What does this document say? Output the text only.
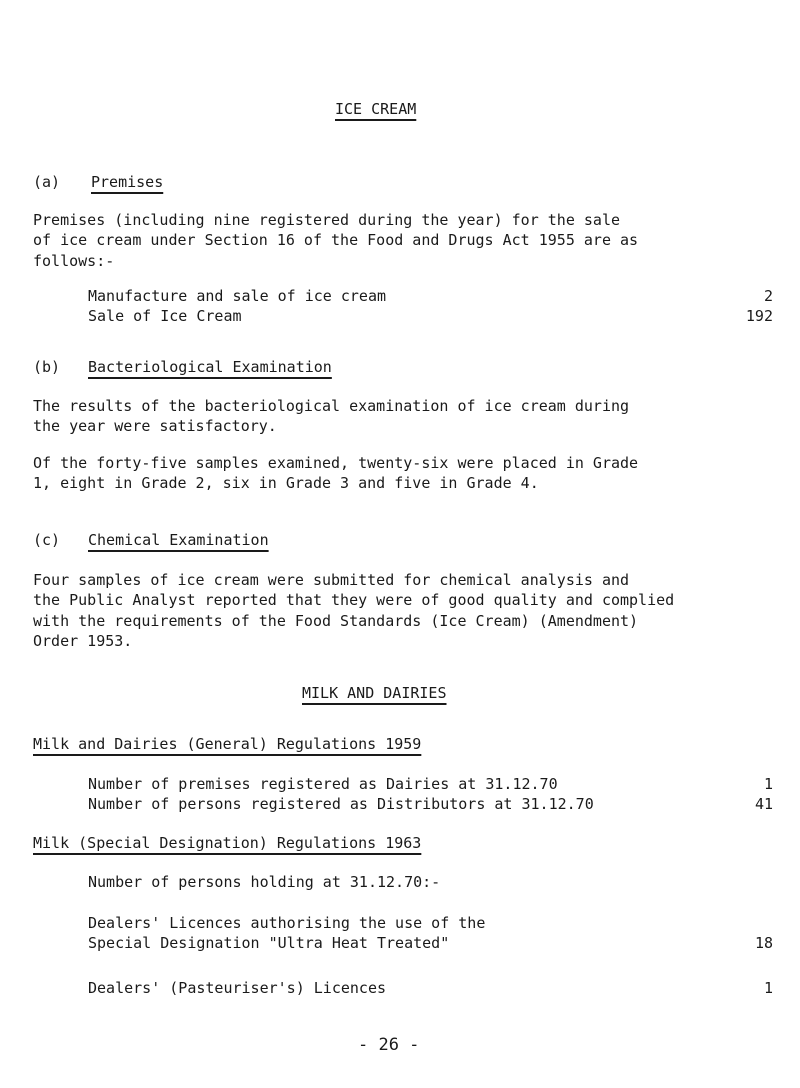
ICE CREAM
(a) Premises

Premises (including nine registered during the year) for the sale
of ice cream under Section 16 of the Food and Drugs Act 1955 are as
follows:-

Manufacture and sale of ice cream	2
Sale of Ice Cream	192
(b) Bacteriological Examination

The results of the bacteriological examination of ice cream during
the year were satisfactory.

Of the forty-five samples examined, twenty-six were placed in Grade
1, eight in Grade 2, six in Grade 3 and five in Grade 4.

(c) Chemical Examination

Four samples of ice cream were submitted for chemical analysis and
the Public Analyst reported that they were of good quality and complied
with the requirements of the Food Standards (Ice Cream) (Amendment)
Order 1953.

MILK AND DAIRIES
Milk and Dairies (General) Regulations 1959
Number of premises registered as Dairies at 31.12.70	1
Number of persons registered as Distributors at 31.12.70	41
Milk (Special Designation) Regulations 1963
Number of persons holding at 31.12.70:-
Dealers' Licences authorising the use of the
Special Designation "Ultra Heat Treated"	18
Dealers' (Pasteuriser's) Licences	1
- 26 -
